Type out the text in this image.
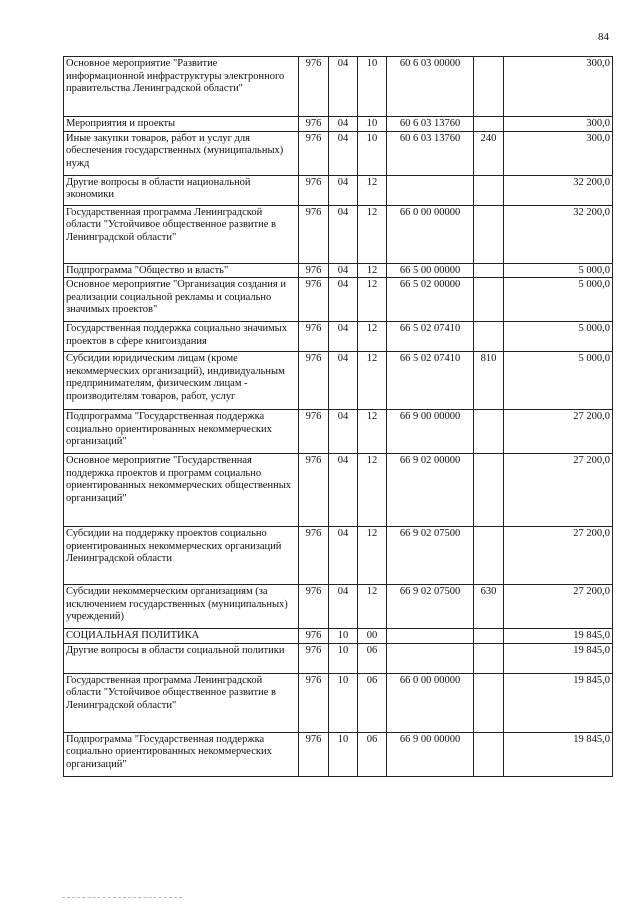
84
Основное мероприятие "Развитие информационной инфраструктуры электронного правительства Ленинградской области"	976	04	10	60 6 03 00000		300,0
Мероприятия и проекты	976	04	10	60 6 03 13760		300,0
Иные закупки товаров, работ и услуг для обеспечения государственных (муниципальных) нужд	976	04	10	60 6 03 13760	240	300,0
Другие вопросы в области национальной экономики	976	04	12			32 200,0
Государственная программа Ленинградской области "Устойчивое общественное развитие в Ленинградской области"	976	04	12	66 0 00 00000		32 200,0
Подпрограмма "Общество и власть"	976	04	12	66 5 00 00000		5 000,0
Основное мероприятие "Организация создания и реализации социальной рекламы и социально значимых проектов"	976	04	12	66 5 02 00000		5 000,0
Государственная поддержка социально значимых проектов в сфере книгоиздания	976	04	12	66 5 02 07410		5 000,0
Субсидии юридическим лицам (кроме некоммерческих организаций), индивидуальным предпринимателям, физическим лицам - производителям товаров, работ, услуг	976	04	12	66 5 02 07410	810	5 000,0
Подпрограмма "Государственная поддержка социально ориентированных некоммерческих организаций"	976	04	12	66 9 00 00000		27 200,0
Основное мероприятие "Государственная поддержка проектов и программ социально ориентированных некоммерческих общественных организаций"	976	04	12	66 9 02 00000		27 200,0
Субсидии на поддержку проектов социально ориентированных некоммерческих организаций Ленинградской области	976	04	12	66 9 02 07500		27 200,0
Субсидии некоммерческим организациям (за исключением государственных (муниципальных) учреждений)	976	04	12	66 9 02 07500	630	27 200,0
СОЦИАЛЬНАЯ ПОЛИТИКА	976	10	00			19 845,0
Другие вопросы в области социальной политики	976	10	06			19 845,0
Государственная программа Ленинградской области "Устойчивое общественное развитие в Ленинградской области"	976	10	06	66 0 00 00000		19 845,0
Подпрограмма "Государственная поддержка социально ориентированных некоммерческих организаций"	976	10	06	66 9 00 00000		19 845,0
